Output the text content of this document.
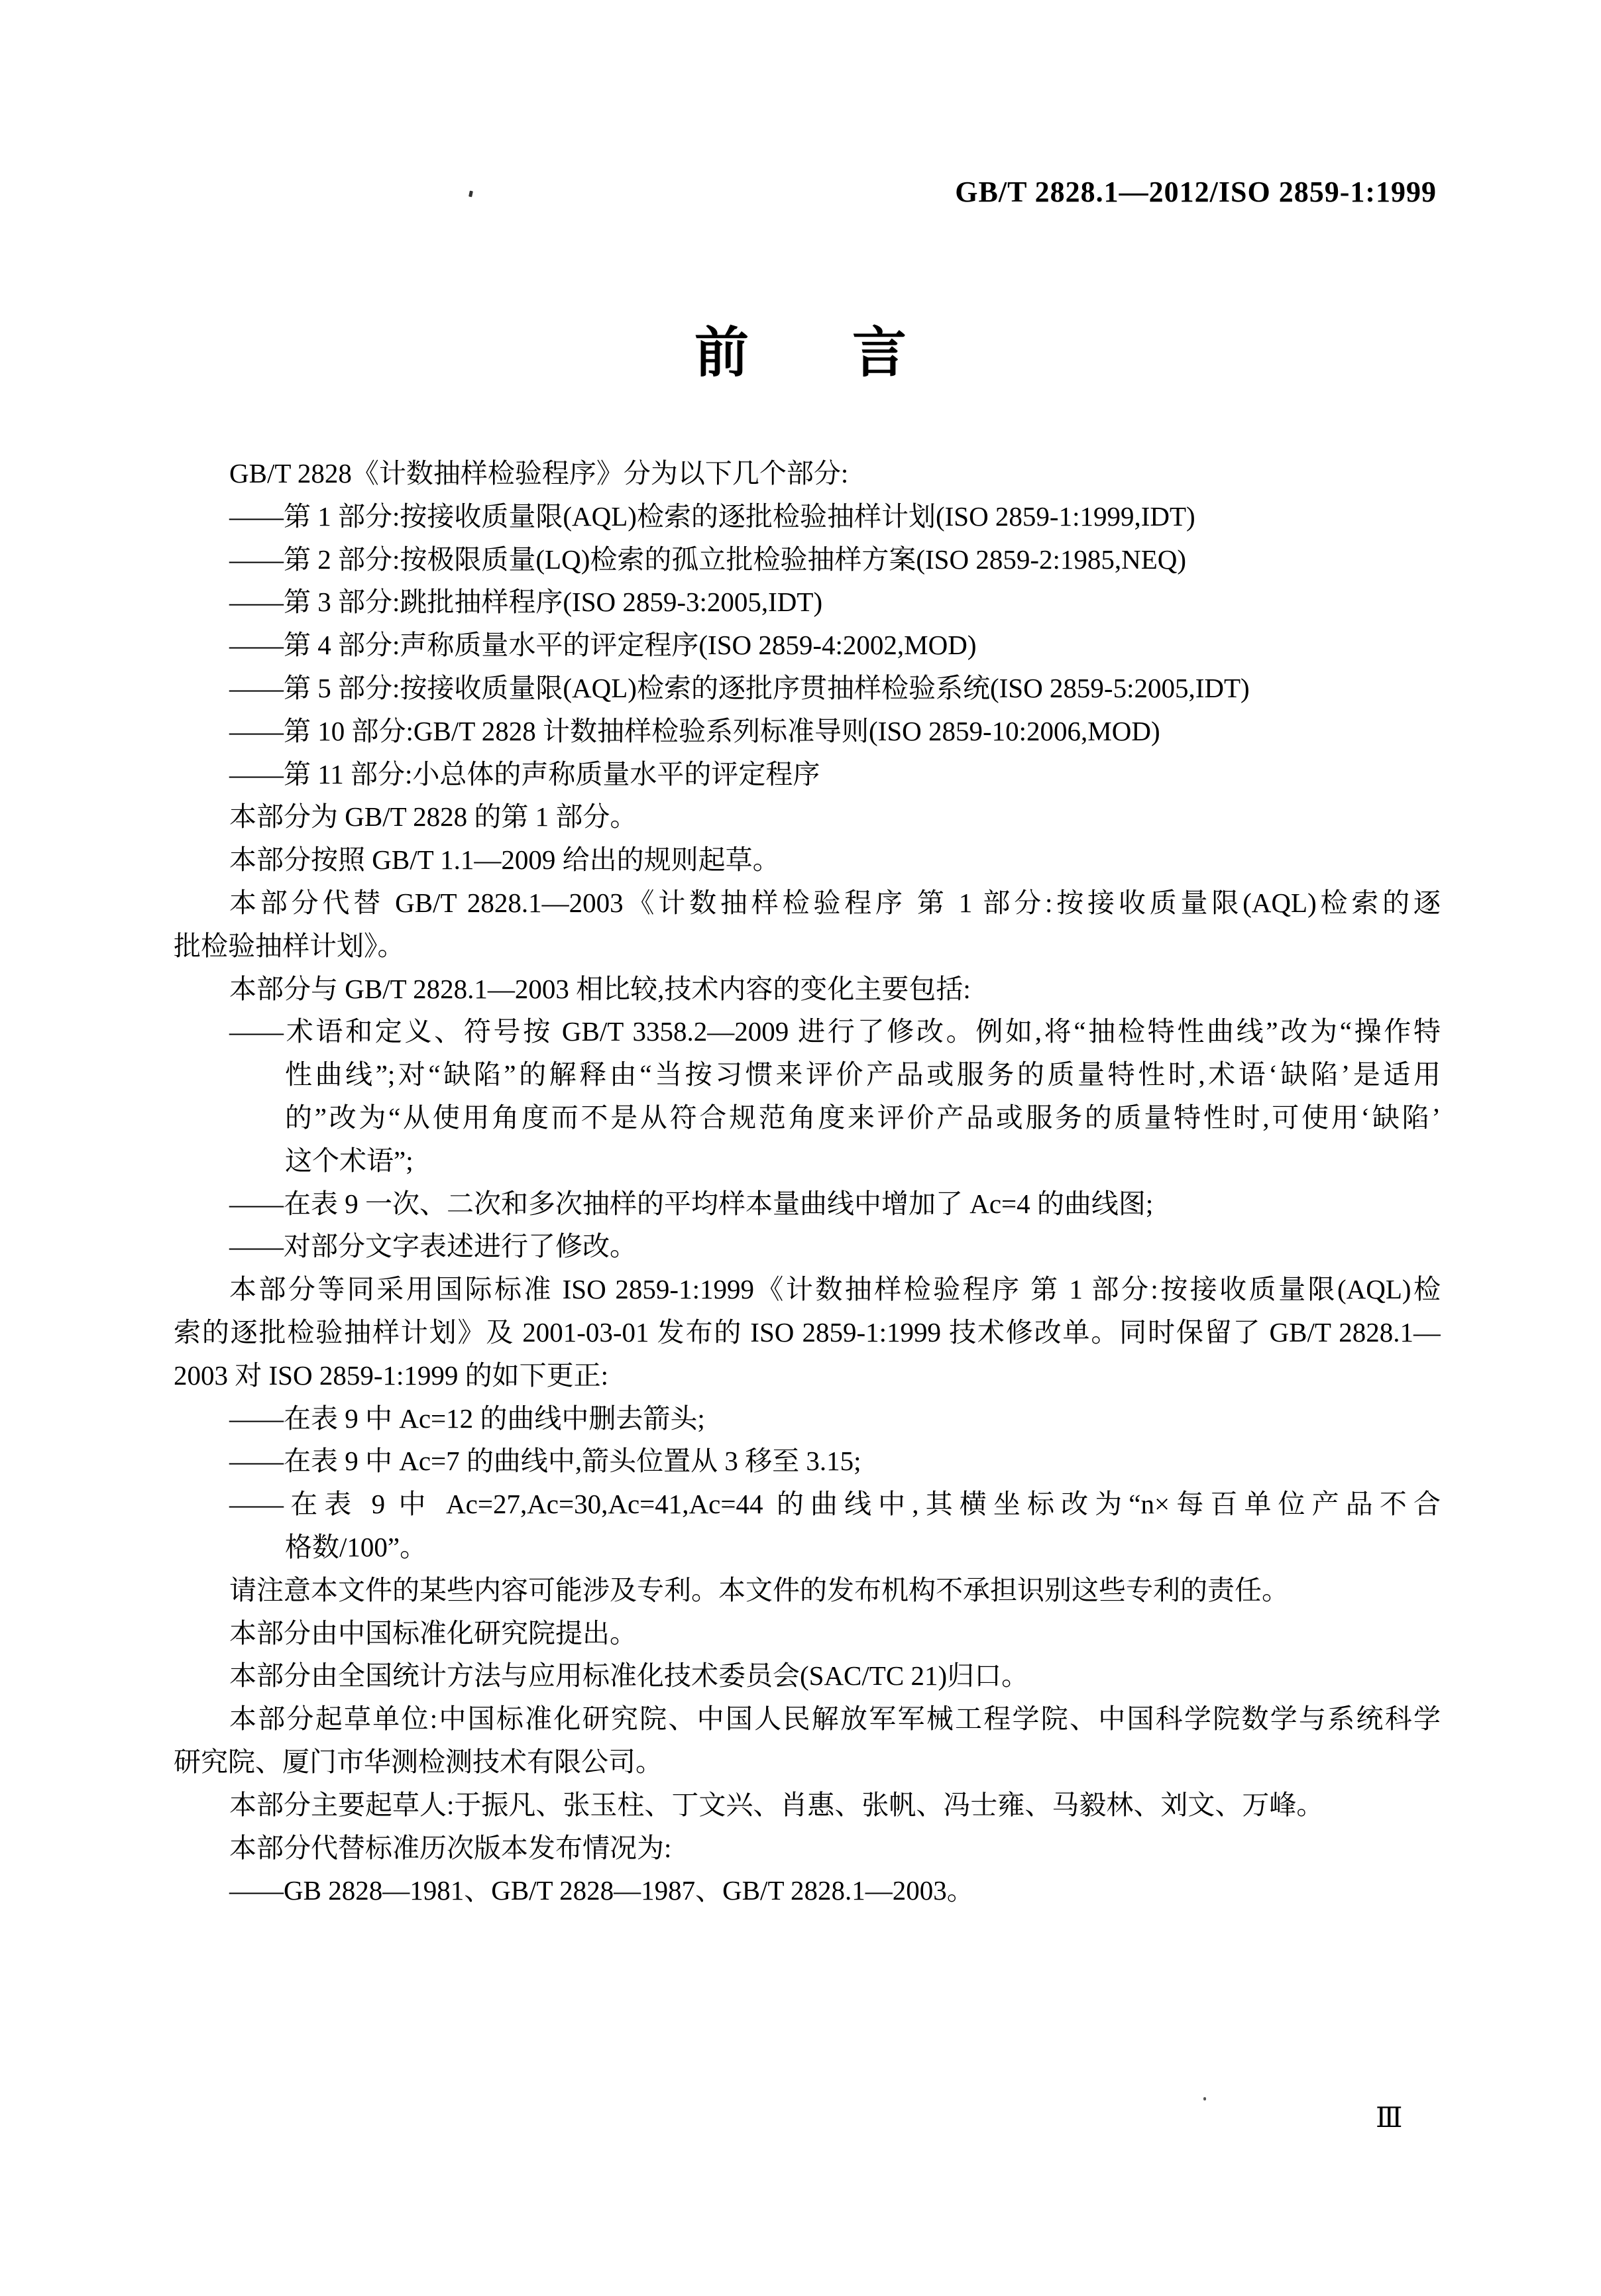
GB/T 2828.1—2012/ISO 2859-1:1999
前 言
GB/T 2828《计数抽样检验程序》分为以下几个部分:
——第 1 部分:按接收质量限(AQL)检索的逐批检验抽样计划(ISO 2859-1:1999,IDT)
——第 2 部分:按极限质量(LQ)检索的孤立批检验抽样方案(ISO 2859-2:1985,NEQ)
——第 3 部分:跳批抽样程序(ISO 2859-3:2005,IDT)
——第 4 部分:声称质量水平的评定程序(ISO 2859-4:2002,MOD)
——第 5 部分:按接收质量限(AQL)检索的逐批序贯抽样检验系统(ISO 2859-5:2005,IDT)
——第 10 部分:GB/T 2828 计数抽样检验系列标准导则(ISO 2859-10:2006,MOD)
——第 11 部分:小总体的声称质量水平的评定程序
本部分为 GB/T 2828 的第 1 部分。
本部分按照 GB/T 1.1—2009 给出的规则起草。
本部分代替 GB/T 2828.1—2003《计数抽样检验程序 第 1 部分:按接收质量限(AQL)检索的逐
批检验抽样计划》。
本部分与 GB/T 2828.1—2003 相比较,技术内容的变化主要包括:
——术语和定义、符号按 GB/T 3358.2—2009 进行了修改。例如,将“抽检特性曲线”改为“操作特
性曲线”;对“缺陷”的解释由“当按习惯来评价产品或服务的质量特性时,术语‘缺陷’是适用
的”改为“从使用角度而不是从符合规范角度来评价产品或服务的质量特性时,可使用‘缺陷’
这个术语”;
——在表 9 一次、二次和多次抽样的平均样本量曲线中增加了 Ac=4 的曲线图;
——对部分文字表述进行了修改。
本部分等同采用国际标准 ISO 2859-1:1999《计数抽样检验程序 第 1 部分:按接收质量限(AQL)检
索的逐批检验抽样计划》及 2001-03-01 发布的 ISO 2859-1:1999 技术修改单。同时保留了 GB/T 2828.1—
2003 对 ISO 2859-1:1999 的如下更正:
——在表 9 中 Ac=12 的曲线中删去箭头;
——在表 9 中 Ac=7 的曲线中,箭头位置从 3 移至 3.15;
——在表 9 中 Ac=27,Ac=30,Ac=41,Ac=44 的曲线中,其横坐标改为“n×每百单位产品不合
格数/100”。
请注意本文件的某些内容可能涉及专利。本文件的发布机构不承担识别这些专利的责任。
本部分由中国标准化研究院提出。
本部分由全国统计方法与应用标准化技术委员会(SAC/TC 21)归口。
本部分起草单位:中国标准化研究院、中国人民解放军军械工程学院、中国科学院数学与系统科学
研究院、厦门市华测检测技术有限公司。
本部分主要起草人:于振凡、张玉柱、丁文兴、肖惠、张帆、冯士雍、马毅林、刘文、万峰。
本部分代替标准历次版本发布情况为:
——GB 2828—1981、GB/T 2828—1987、GB/T 2828.1—2003。
Ⅲ
